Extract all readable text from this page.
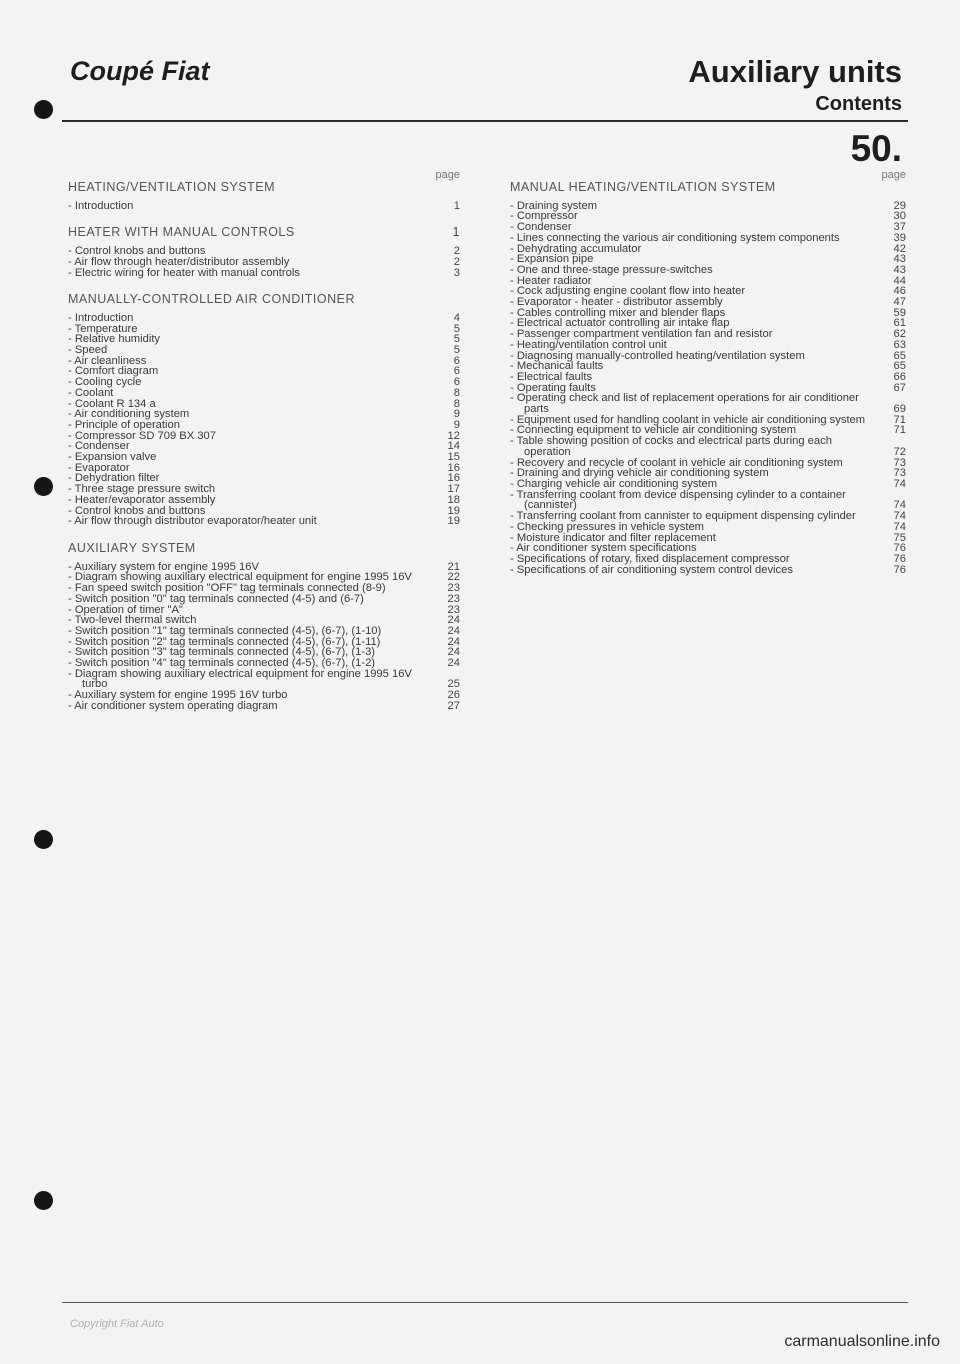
Coupé Fiat	Auxiliary units
Contents
50.
page
HEATING/VENTILATION SYSTEM
- Introduction	1
HEATER WITH MANUAL CONTROLS	1
- Control knobs and buttons	2
- Air flow through heater/distributor assembly	2
- Electric wiring for heater with manual controls	3
MANUALLY-CONTROLLED AIR CONDITIONER
- Introduction	4
- Temperature	5
- Relative humidity	5
- Speed	5
- Air cleanliness	6
- Comfort diagram	6
- Cooling cycle	6
- Coolant	8
- Coolant R 134 a	8
- Air conditioning system	9
- Principle of operation	9
- Compressor SD 709 BX 307	12
- Condenser	14
- Expansion valve	15
- Evaporator	16
- Dehydration filter	16
- Three stage pressure switch	17
- Heater/evaporator assembly	18
- Control knobs and buttons	19
- Air flow through distributor evaporator/heater unit	19
AUXILIARY SYSTEM
- Auxiliary system for engine 1995 16V	21
- Diagram showing auxiliary electrical equipment for engine 1995 16V	22
- Fan speed switch position "OFF" tag terminals connected (8-9)	23
- Switch position "0" tag terminals connected (4-5) and (6-7)	23
- Operation of timer "A"	23
- Two-level thermal switch	24
- Switch position "1" tag terminals connected (4-5), (6-7), (1-10)	24
- Switch position "2" tag terminals connected (4-5), (6-7), (1-11)	24
- Switch position "3" tag terminals connected (4-5), (6-7), (1-3)	24
- Switch position "4" tag terminals connected (4-5), (6-7), (1-2)	24
- Diagram showing auxiliary electrical equipment for engine 1995 16V turbo	25
- Auxiliary system for engine 1995 16V turbo	26
- Air conditioner system operating diagram	27
page
MANUAL HEATING/VENTILATION SYSTEM
- Draining system	29
- Compressor	30
- Condenser	37
- Lines connecting the various air conditioning system components	39
- Dehydrating accumulator	42
- Expansion pipe	43
- One and three-stage pressure-switches	43
- Heater radiator	44
- Cock adjusting engine coolant flow into heater	46
- Evaporator - heater - distributor assembly	47
- Cables controlling mixer and blender flaps	59
- Electrical actuator controlling air intake flap	61
- Passenger compartment ventilation fan and resistor	62
- Heating/ventilation control unit	63
- Diagnosing manually-controlled heating/ventilation system	65
- Mechanical faults	65
- Electrical faults	66
- Operating faults	67
- Operating check and list of replacement operations for air conditioner parts	69
- Equipment used for handling coolant in vehicle air conditioning system	71
- Connecting equipment to vehicle air conditioning system	71
- Table showing position of cocks and electrical parts during each operation	72
- Recovery and recycle of coolant in vehicle air conditioning system	73
- Draining and drying vehicle air conditioning system	73
- Charging vehicle air conditioning system	74
- Transferring coolant from device dispensing cylinder to a container (cannister)	74
- Transferring coolant from cannister to equipment dispensing cylinder	74
- Checking pressures in vehicle system	74
- Moisture indicator and filter replacement	75
- Air conditioner system specifications	76
- Specifications of rotary, fixed displacement compressor	76
- Specifications of air conditioning system control devices	76
Copyright Fiat Auto
carmanualsonline.info
